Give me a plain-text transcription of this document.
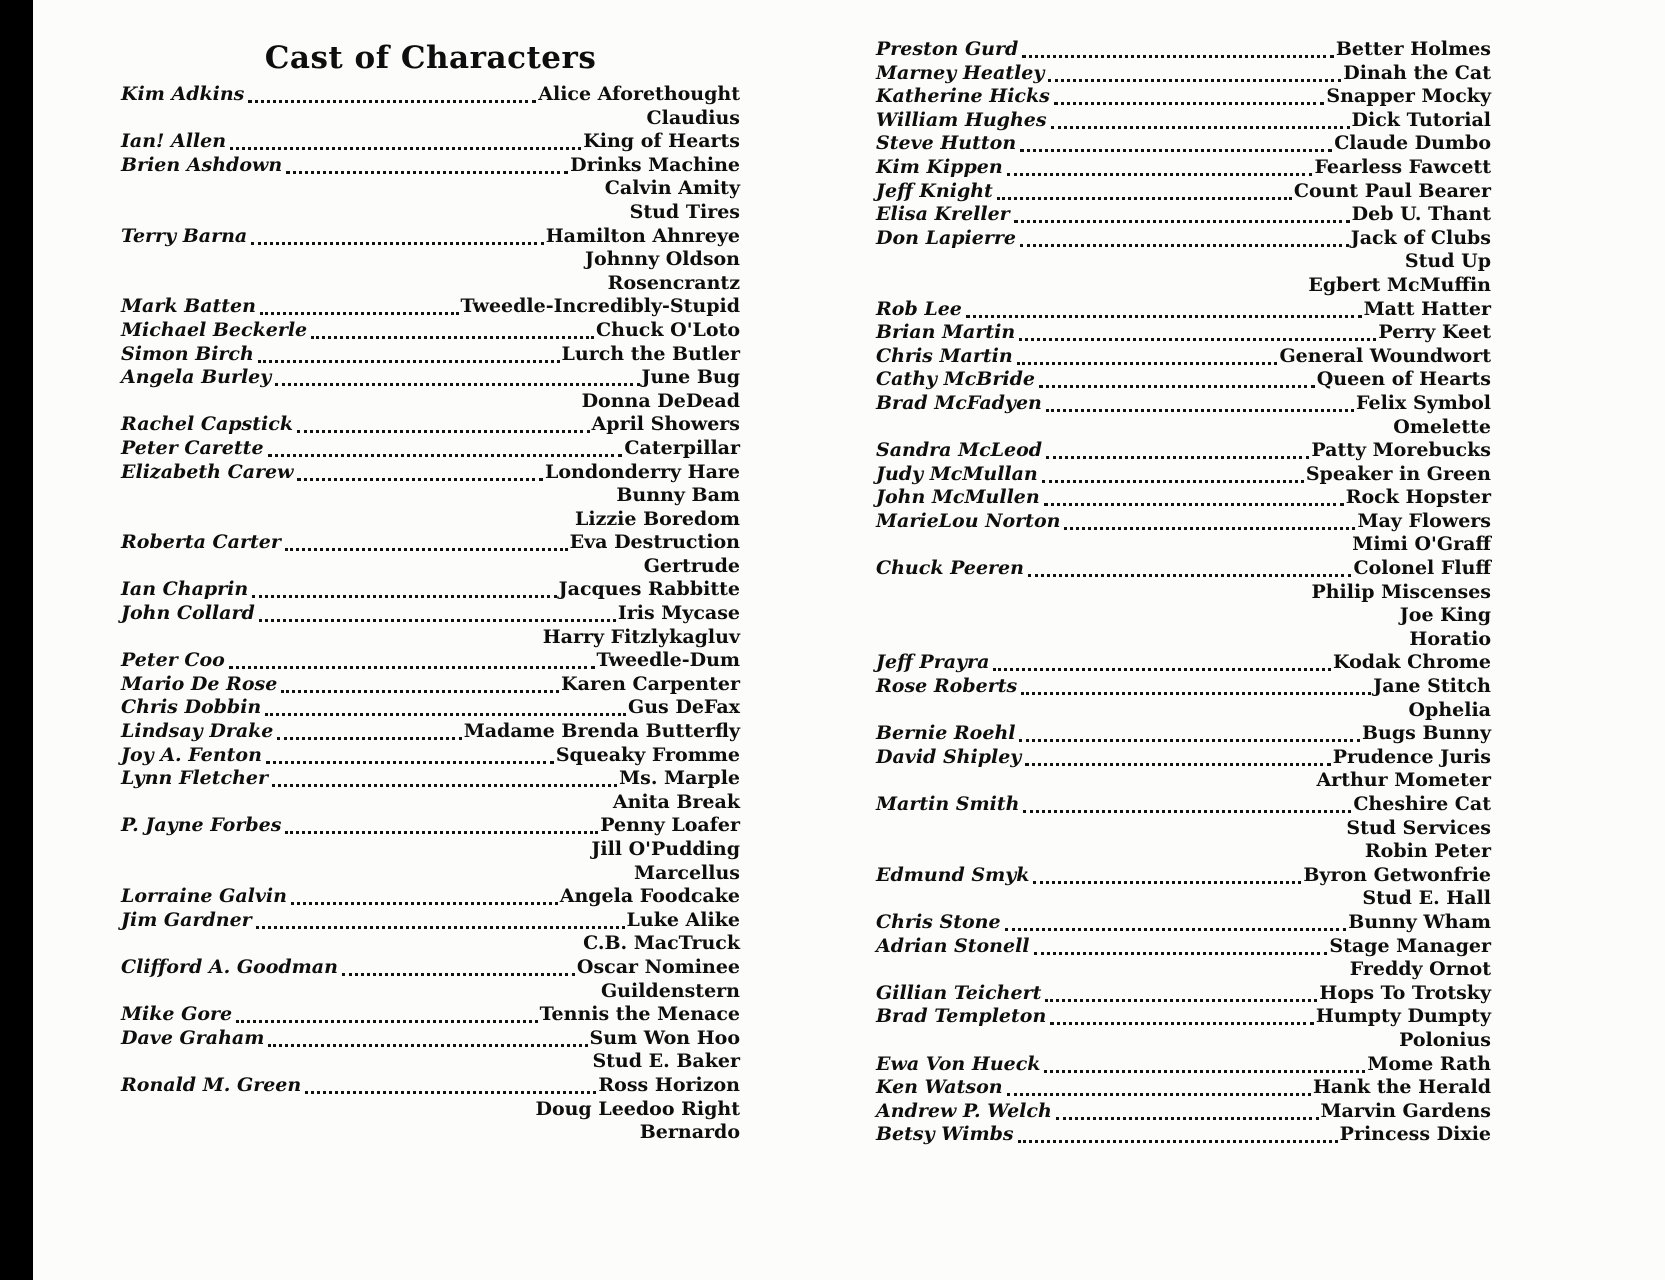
Cast of Characters
Kim Adkins	Alice Aforethought
Claudius
Ian! Allen	King of Hearts
Brien Ashdown	Drinks Machine
Calvin Amity
Stud Tires
Terry Barna	Hamilton Ahnreye
Johnny Oldson
Rosencrantz
Mark Batten	Tweedle-Incredibly-Stupid
Michael Beckerle	Chuck O'Loto
Simon Birch	Lurch the Butler
Angela Burley	June Bug
Donna DeDead
Rachel Capstick	April Showers
Peter Carette	Caterpillar
Elizabeth Carew	Londonderry Hare
Bunny Bam
Lizzie Boredom
Roberta Carter	Eva Destruction
Gertrude
Ian Chaprin	Jacques Rabbitte
John Collard	Iris Mycase
Harry Fitzlykagluv
Peter Coo	Tweedle-Dum
Mario De Rose	Karen Carpenter
Chris Dobbin	Gus DeFax
Lindsay Drake	Madame Brenda Butterfly
Joy A. Fenton	Squeaky Fromme
Lynn Fletcher	Ms. Marple
Anita Break
P. Jayne Forbes	Penny Loafer
Jill O'Pudding
Marcellus
Lorraine Galvin	Angela Foodcake
Jim Gardner	Luke Alike
C.B. MacTruck
Clifford A. Goodman	Oscar Nominee
Guildenstern
Mike Gore	Tennis the Menace
Dave Graham	Sum Won Hoo
Stud E. Baker
Ronald M. Green	Ross Horizon
Doug Leedoo Right
Bernardo
Preston Gurd	Better Holmes
Marney Heatley	Dinah the Cat
Katherine Hicks	Snapper Mocky
William Hughes	Dick Tutorial
Steve Hutton	Claude Dumbo
Kim Kippen	Fearless Fawcett
Jeff Knight	Count Paul Bearer
Elisa Kreller	Deb U. Thant
Don Lapierre	Jack of Clubs
Stud Up
Egbert McMuffin
Rob Lee	Matt Hatter
Brian Martin	Perry Keet
Chris Martin	General Woundwort
Cathy McBride	Queen of Hearts
Brad McFadyen	Felix Symbol
Omelette
Sandra McLeod	Patty Morebucks
Judy McMullan	Speaker in Green
John McMullen	Rock Hopster
MarieLou Norton	May Flowers
Mimi O'Graff
Chuck Peeren	Colonel Fluff
Philip Miscenses
Joe King
Horatio
Jeff Prayra	Kodak Chrome
Rose Roberts	Jane Stitch
Ophelia
Bernie Roehl	Bugs Bunny
David Shipley	Prudence Juris
Arthur Mometer
Martin Smith	Cheshire Cat
Stud Services
Robin Peter
Edmund Smyk	Byron Getwonfrie
Stud E. Hall
Chris Stone	Bunny Wham
Adrian Stonell	Stage Manager
Freddy Ornot
Gillian Teichert	Hops To Trotsky
Brad Templeton	Humpty Dumpty
Polonius
Ewa Von Hueck	Mome Rath
Ken Watson	Hank the Herald
Andrew P. Welch	Marvin Gardens
Betsy Wimbs	Princess Dixie
